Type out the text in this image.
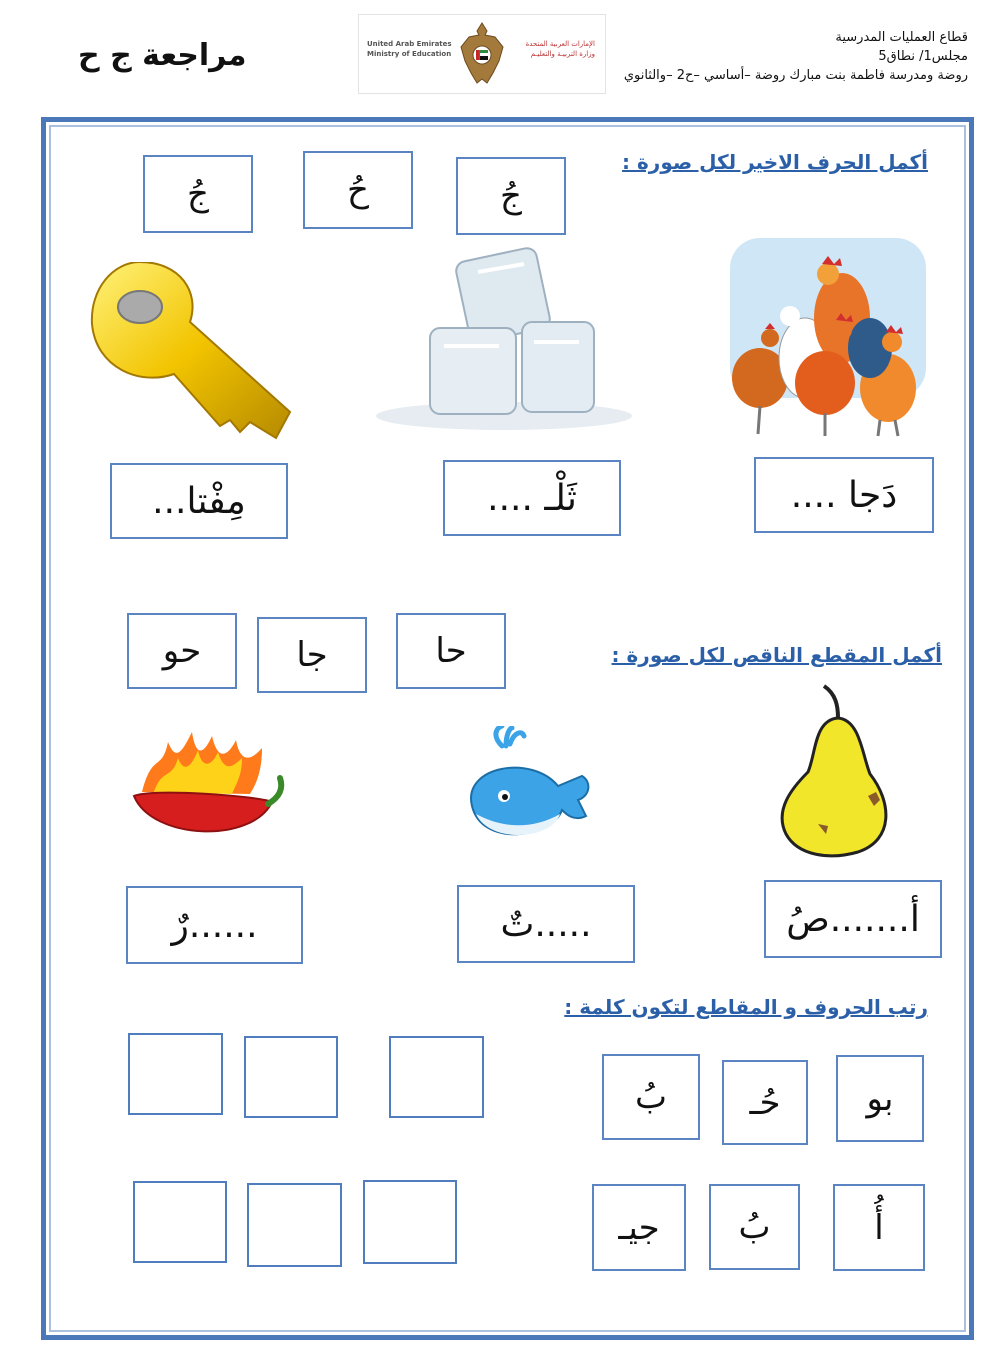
قطاع العمليات المدرسية
مجلس1/ نطاق5
روضة ومدرسة فاطمة بنت مبارك روضة –أساسي –ح2 –والثانوي
مراجعة ج ح	United Arab Emirates
Ministry of Education
الإمارات العربية المتحدة
وزارة التربيـة والتعليـم
أكمل الحرف الاخير لكل صورة :
جُ
حُ
جُ
دَجا ....
ثَلْـ ....
مِفْتا...
أكمل المقطع الناقص لكل صورة :
حا
جا
حو
أ.......صُ
.....تٌ
......رٌ
رتب الحروف و المقاطع لتكون كلمة :
بو
حُـ
بُ
أُ
بُ
جيـ
